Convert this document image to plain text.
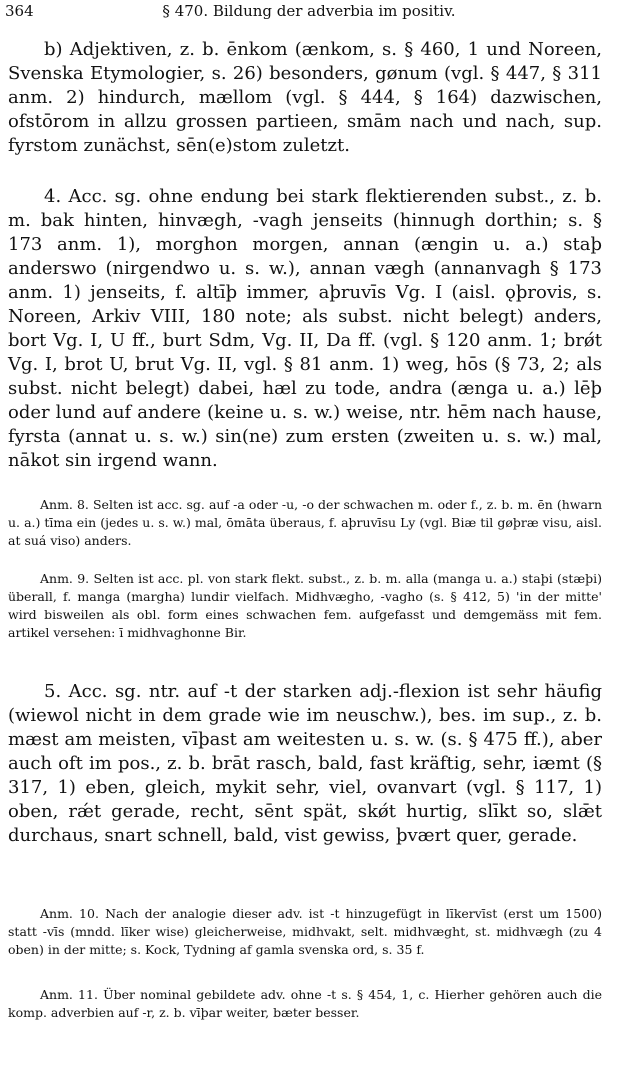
364	§ 470. Bildung der adverbia im positiv.

b) Adjektiven, z. b. ēnkom (ænkom, s. § 460, 1 und Noreen, Svenska Etymologier, s. 26) besonders, gønum (vgl. § 447, § 311 anm. 2) hindurch, mællom (vgl. § 444, § 164) dazwischen, ofstōrom in allzu grossen partieen, smām nach und nach, sup. fyrstom zunächst, sēn(e)stom zuletzt.

4. Acc. sg. ohne endung bei stark flektierenden subst., z. b. m. bak hinten, hinvægh, -vagh jenseits (hinnugh dorthin; s. § 173 anm. 1), morghon morgen, annan (ængin u. a.) staþ anderswo (nirgendwo u. s. w.), annan vægh (annanvagh § 173 anm. 1) jenseits, f. altīþ immer, aþruvīs Vg. I (aisl. ǫþrovis, s. Noreen, Arkiv VIII, 180 note; als subst. nicht belegt) anders, bort Vg. I, U ff., burt Sdm, Vg. II, Da ff. (vgl. § 120 anm. 1; brǿt Vg. I, brot U, brut Vg. II, vgl. § 81 anm. 1) weg, hōs (§ 73, 2; als subst. nicht belegt) dabei, hæl zu tode, andra (ænga u. a.) lēþ oder lund auf andere (keine u. s. w.) weise, ntr. hēm nach hause, fyrsta (annat u. s. w.) sin(ne) zum ersten (zweiten u. s. w.) mal, nākot sin irgend wann.

Anm. 8. Selten ist acc. sg. auf -a oder -u, -o der schwachen m. oder f., z. b. m. ēn (hwarn u. a.) tīma ein (jedes u. s. w.) mal, ōmāta überaus, f. aþruvīsu Ly (vgl. Biæ til gøþræ visu, aisl. at suá viso) anders.

Anm. 9. Selten ist acc. pl. von stark flekt. subst., z. b. m. alla (manga u. a.) staþi (stæþi) überall, f. manga (margha) lundir vielfach. Midhvægho, -vagho (s. § 412, 5) 'in der mitte' wird bisweilen als obl. form eines schwachen fem. aufgefasst und demgemäss mit fem. artikel versehen: ī midhvaghonne Bir.

5. Acc. sg. ntr. auf -t der starken adj.-flexion ist sehr häufig (wiewol nicht in dem grade wie im neuschw.), bes. im sup., z. b. mæst am meisten, vīþast am weitesten u. s. w. (s. § 475 ff.), aber auch oft im pos., z. b. brāt rasch, bald, fast kräftig, sehr, iæmt (§ 317, 1) eben, gleich, mykit sehr, viel, ovanvart (vgl. § 117, 1) oben, rǽt gerade, recht, sēnt spät, skǿt hurtig, slīkt so, slǣt durchaus, snart schnell, bald, vist gewiss, þvært quer, gerade.

Anm. 10. Nach der analogie dieser adv. ist -t hinzugefügt in līkervīst (erst um 1500) statt -vīs (mndd. līker wise) gleicherweise, midhvakt, selt. midhvæght, st. midhvægh (zu 4 oben) in der mitte; s. Kock, Tydning af gamla svenska ord, s. 35 f.

Anm. 11. Über nominal gebildete adv. ohne -t s. § 454, 1, c. Hierher gehören auch die komp. adverbien auf -r, z. b. vīþar weiter, bæter besser.
